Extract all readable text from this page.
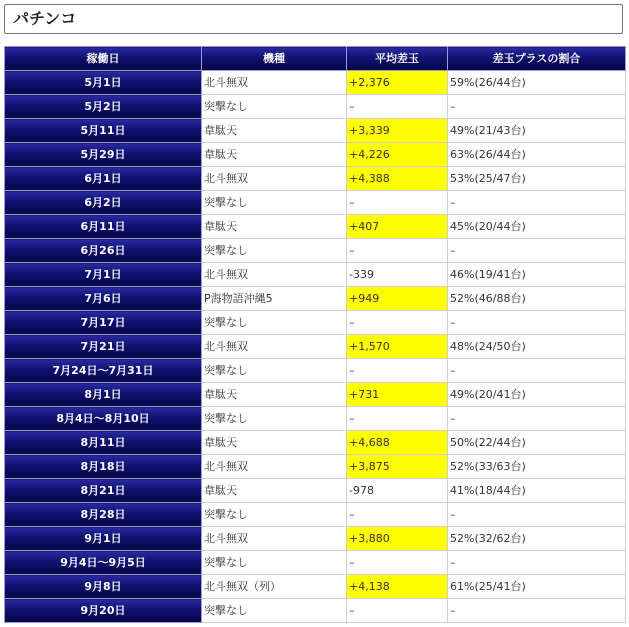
パチンコ
稼働日	機種	平均差玉	差玉プラスの割合
5月1日	北斗無双	+2,376	59%(26/44台)
5月2日	突撃なし	–	–
5月11日	韋駄天	+3,339	49%(21/43台)
5月29日	韋駄天	+4,226	63%(26/44台)
6月1日	北斗無双	+4,388	53%(25/47台)
6月2日	突撃なし	–	–
6月11日	韋駄天	+407	45%(20/44台)
6月26日	突撃なし	–	–
7月1日	北斗無双	-339	46%(19/41台)
7月6日	P海物語沖縄5	+949	52%(46/88台)
7月17日	突撃なし	–	–
7月21日	北斗無双	+1,570	48%(24/50台)
7月24日～7月31日	突撃なし	–	–
8月1日	韋駄天	+731	49%(20/41台)
8月4日～8月10日	突撃なし	–	–
8月11日	韋駄天	+4,688	50%(22/44台)
8月18日	北斗無双	+3,875	52%(33/63台)
8月21日	韋駄天	-978	41%(18/44台)
8月28日	突撃なし	–	–
9月1日	北斗無双	+3,880	52%(32/62台)
9月4日～9月5日	突撃なし	–	–
9月8日	北斗無双（列）	+4,138	61%(25/41台)
9月20日	突撃なし	–	–
